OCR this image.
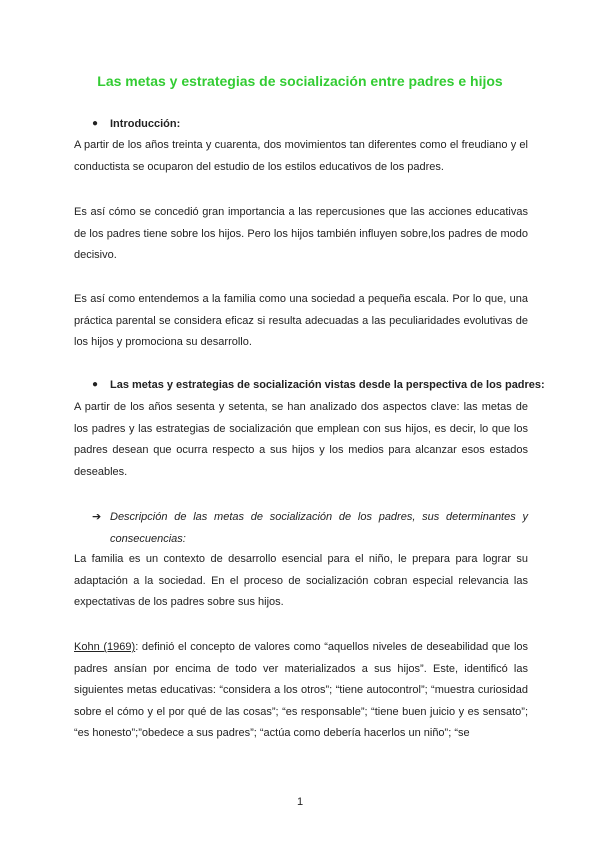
Las metas y estrategias de socialización entre padres e hijos
● Introducción:

A partir de los años treinta y cuarenta, dos movimientos tan diferentes como el freudiano y el conductista se ocuparon del estudio de los estilos educativos de los padres.

Es así cómo se concedió gran importancia a las repercusiones que las acciones educativas de los padres tiene sobre los hijos. Pero los hijos también influyen sobre,los padres de modo decisivo.

Es así como entendemos a la familia como una sociedad a pequeña escala. Por lo que, una práctica parental se considera eficaz si resulta adecuadas a las peculiaridades evolutivas de los hijos y promociona su desarrollo.

● Las metas y estrategias de socialización vistas desde la perspectiva de los padres:

A partir de los años sesenta y setenta, se han analizado dos aspectos clave: las metas de los padres y las estrategias de socialización que emplean con sus hijos, es decir, lo que los padres desean que ocurra respecto a sus hijos y los medios para alcanzar esos estados deseables.

➔ Descripción de las metas de socialización de los padres, sus determinantes y consecuencias:

La familia es un contexto de desarrollo esencial para el niño, le prepara para lograr su adaptación a la sociedad. En el proceso de socialización cobran especial relevancia las expectativas de los padres sobre sus hijos.

Kohn (1969): definió el concepto de valores como “aquellos niveles de deseabilidad que los padres ansían por encima de todo ver materializados a sus hijos”. Este, identificó las siguientes metas educativas: “considera a los otros”; “tiene autocontrol”; “muestra curiosidad sobre el cómo y el por qué de las cosas”; “es responsable”; “tiene buen juicio y es sensato”; “es honesto”;”obedece a sus padres”; “actúa como debería hacerlos un niño”; “se

1
